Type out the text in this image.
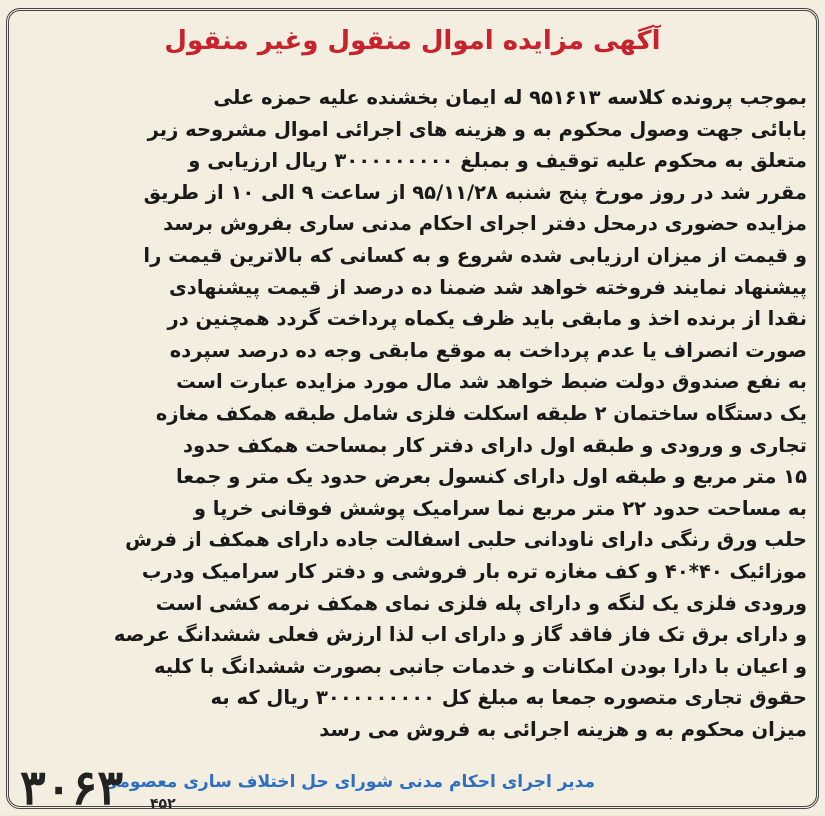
آگهی مزایده اموال منقول وغیر منقول
بموجب پرونده کلاسه ۹۵۱۶۱۳ له ایمان بخشنده علیه حمزه علی
بابائی جهت وصول محکوم به و هزینه های اجرائی اموال مشروحه زیر
متعلق به محکوم علیه توقیف و بمبلغ ۳۰۰۰۰۰۰۰۰۰ ریال ارزیابی و
مقرر شد در روز مورخ پنج شنبه ۹۵/۱۱/۲۸ از ساعت ۹ الی ۱۰ از طریق
مزایده حضوری درمحل دفتر اجرای احکام مدنی ساری بفروش برسد
و قیمت از میزان ارزیابی شده شروع و به کسانی که بالاترین قیمت را
پیشنهاد نمایند فروخته خواهد شد ضمنا ده درصد از قیمت پیشنهادی
نقدا از برنده اخذ و مابقی باید ظرف یکماه پرداخت گردد همچنین در
صورت انصراف یا عدم پرداخت به موقع مابقی وجه ده درصد سپرده
به نفع صندوق دولت ضبط خواهد شد مال مورد مزایده عبارت است
یک دستگاه ساختمان ۲ طبقه اسکلت فلزی شامل طبقه همکف مغازه
تجاری و ورودی و طبقه اول دارای دفتر کار بمساحت همکف حدود
۱۵ متر مربع و طبقه اول دارای کنسول بعرض حدود یک متر و جمعا
به مساحت حدود ۲۲ متر مربع نما سرامیک پوشش فوقانی خرپا و
حلب ورق رنگی دارای ناودانی حلبی اسفالت جاده دارای همکف از فرش
موزائیک ۴۰*۴۰ و کف مغازه تره بار فروشی و دفتر کار سرامیک ودرب
ورودی فلزی یک لنگه و دارای پله فلزی نمای همکف نرمه کشی است
و دارای برق تک فاز فاقد گاز و دارای اب لذا ارزش فعلی ششدانگ عرصه
و اعیان با دارا بودن امکانات و خدمات جانبی بصورت ششدانگ با کلیه
حقوق تجاری متصوره جمعا به مبلغ کل ۳۰۰۰۰۰۰۰۰۰ ریال که به
میزان محکوم به و هزینه اجرائی به فروش می رسد
مدیر اجرای احکام مدنی شورای حل اختلاف ساری معصومی
۳۰۶۳ ۴۵۲
